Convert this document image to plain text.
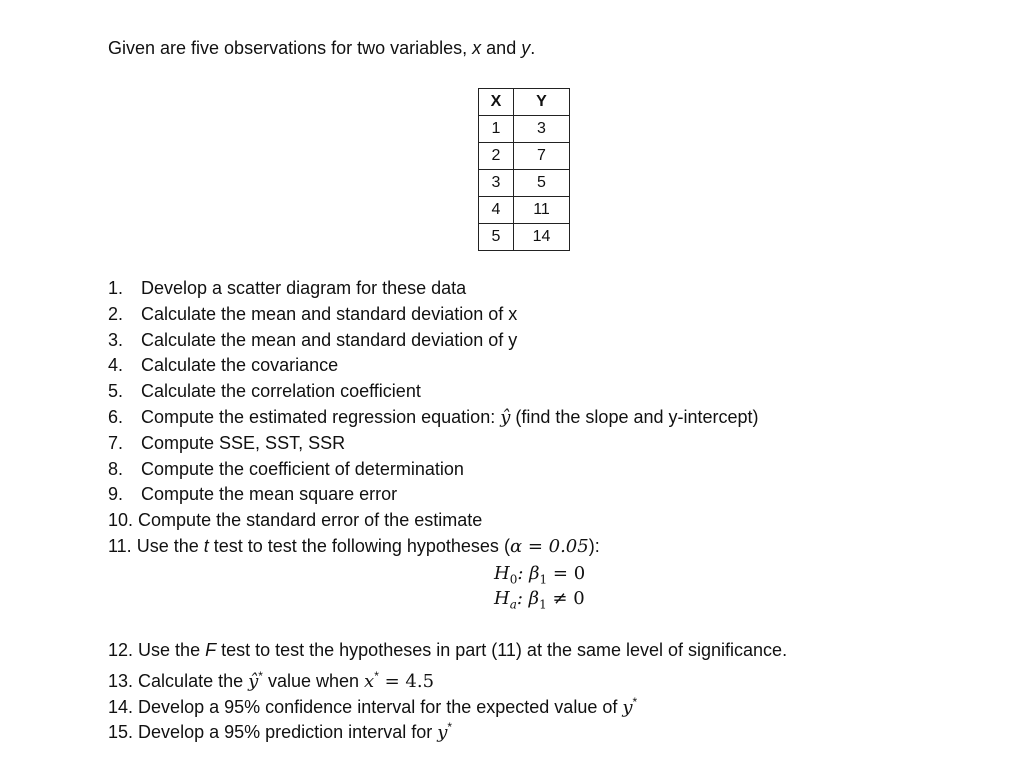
Given are five observations for two variables, x and y.
X	Y
1	3
2	7
3	5
4	11
5	14
1. Develop a scatter diagram for these data
2. Calculate the mean and standard deviation of x
3. Calculate the mean and standard deviation of y
4. Calculate the covariance
5. Calculate the correlation coefficient
6. Compute the estimated regression equation: ŷ (find the slope and y-intercept)
7. Compute SSE, SST, SSR
8. Compute the coefficient of determination
9. Compute the mean square error
10. Compute the standard error of the estimate
11. Use the t test to test the following hypotheses (α = 0.05):
$H_0$: $\beta_1 = 0$
$H_a$: $\beta_1 \ne 0$
12. Use the F test to test the hypotheses in part (11) at the same level of significance.
13. Calculate the ŷ* value when x* = 4.5
14. Develop a 95% confidence interval for the expected value of y*
15. Develop a 95% prediction interval for y*
